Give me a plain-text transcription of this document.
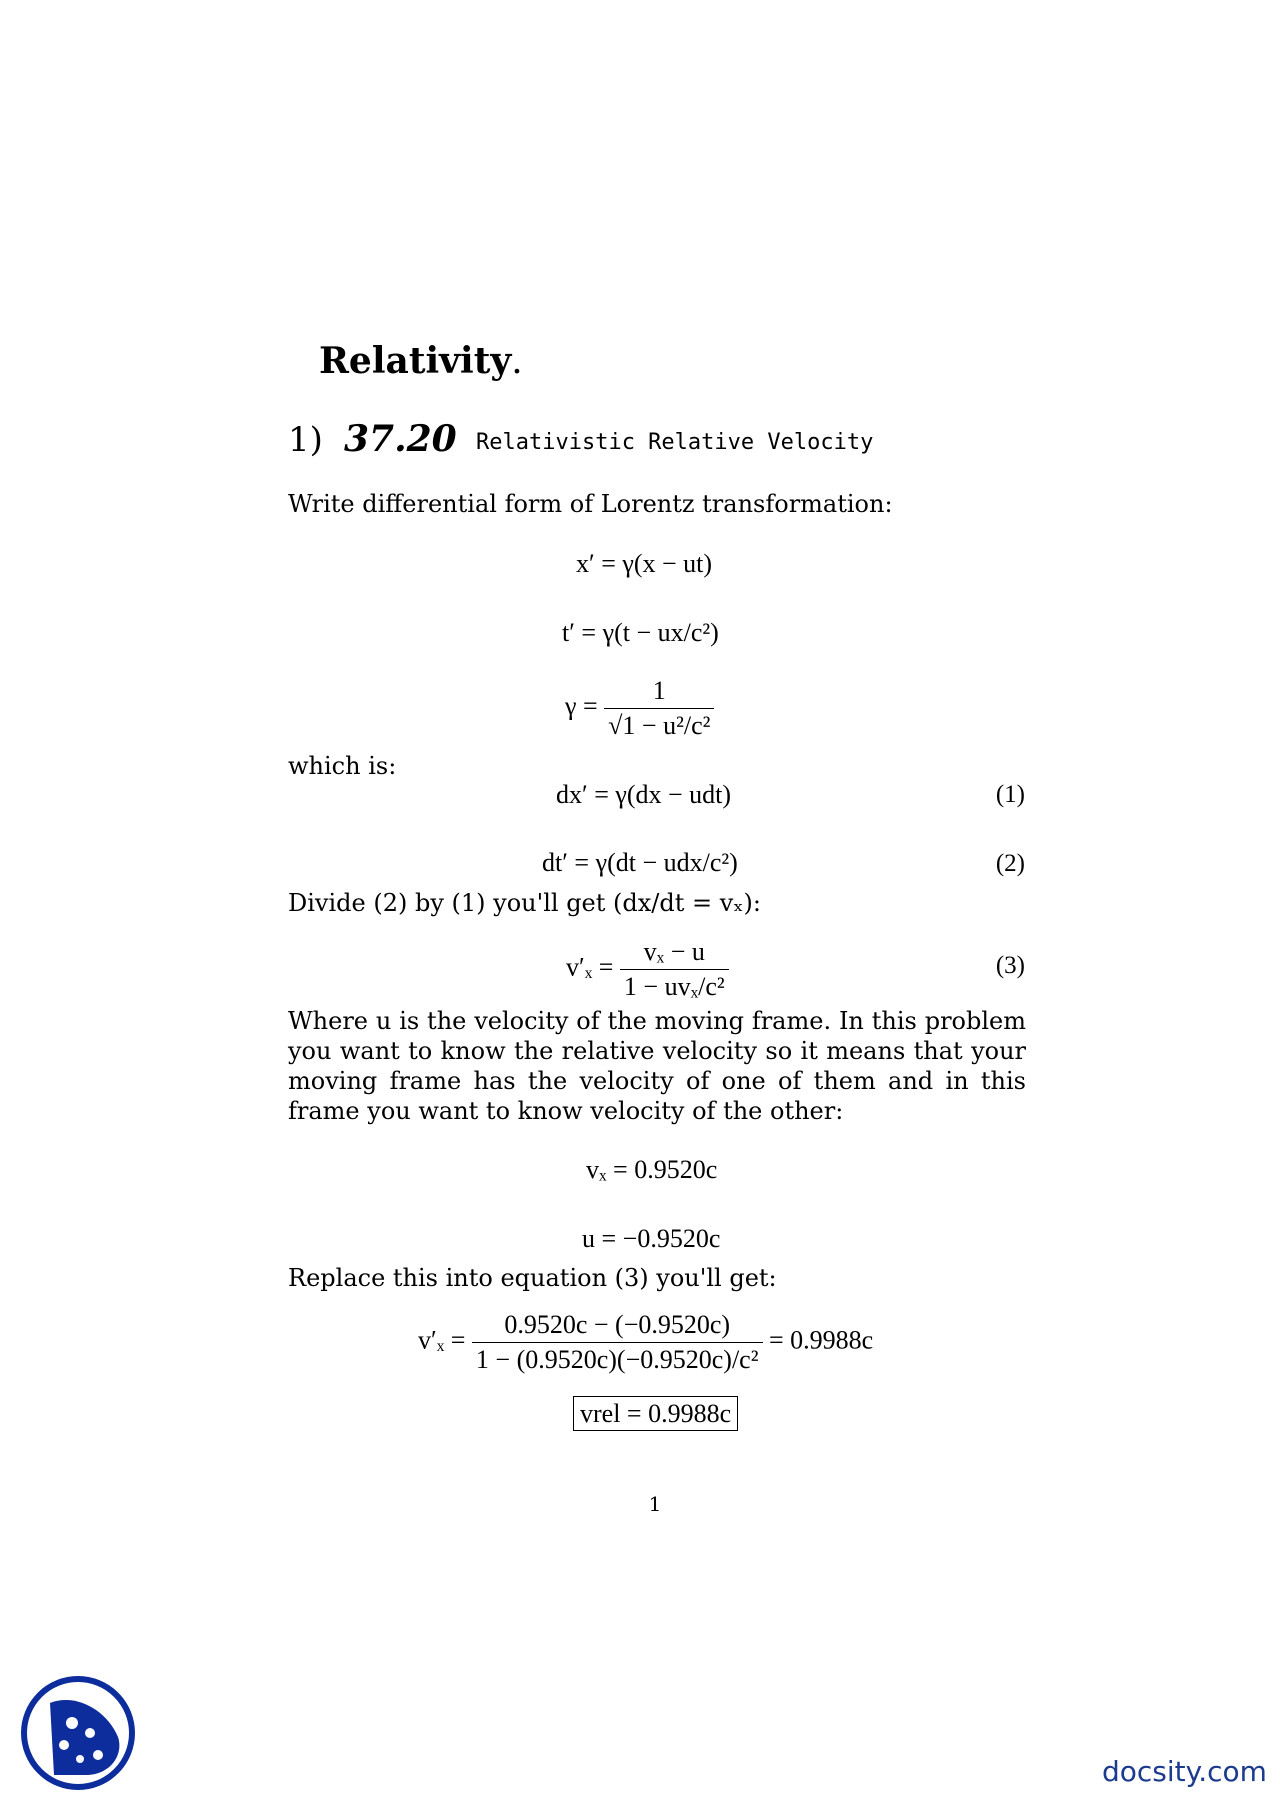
Relativity.
1) 37.20 Relativistic Relative Velocity
Write differential form of Lorentz transformation:
x′ = γ(x − ut)
t′ = γ(t − ux/c²)
$\gamma = \frac{1}{\text{√1 − u²/c²}}$
which is:
dx′ = γ(dx − udt)	(1)
dt′ = γ(dt − udx/c²)	(2)
Divide (2) by (1) you'll get (dx/dt = vₓ):
$v'_x = \frac{\text{vₓ − u}}{\text{1 − uvₓ/c²}}$	(3)
Where u is the velocity of the moving frame. In this problem you want to know the relative velocity so it means that your moving frame has the velocity of one of them and in this frame you want to know velocity of the other:
vₓ = 0.9520c
u = −0.9520c
Replace this into equation (3) you'll get:
$v'_x = \frac{0.9520c - (-0.9520c)}{\text{1 − (0.9520c)(−0.9520c)/c²}} = 0.9988c$
vrel = 0.9988c
1
docsity.com
